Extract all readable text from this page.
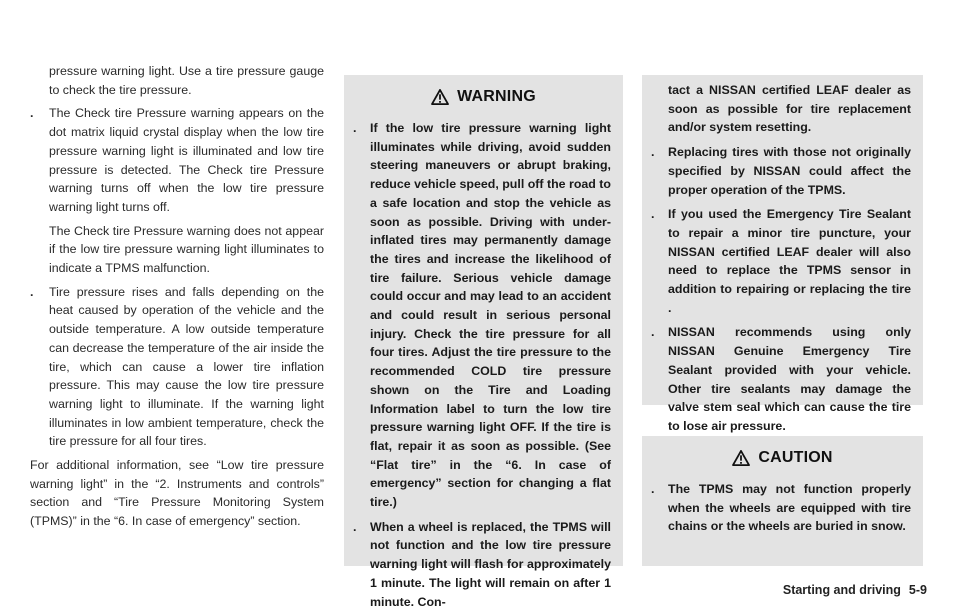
pressure warning light. Use a tire pressure gauge to check the tire pressure.
. The Check tire Pressure warning appears on the dot matrix liquid crystal display when the low tire pressure warning light is illuminated and low tire pressure is detected. The Check tire Pressure warning turns off when the low tire pressure warning light turns off.
The Check tire Pressure warning does not appear if the low tire pressure warning light illuminates to indicate a TPMS malfunction.
. Tire pressure rises and falls depending on the heat caused by operation of the vehicle and the outside temperature. A low outside temperature can decrease the temperature of the air inside the tire, which can cause a lower tire inflation pressure. This may cause the low tire pressure warning light to illuminate. If the warning light illuminates in low ambient temperature, check the tire pressure for all four tires.
For additional information, see “Low tire pressure warning light” in the “2. Instruments and controls” section and “Tire Pressure Monitoring System (TPMS)” in the “6. In case of emergency” section.
WARNING
. If the low tire pressure warning light illuminates while driving, avoid sudden steering maneuvers or abrupt braking, reduce vehicle speed, pull off the road to a safe location and stop the vehicle as soon as possible. Driving with under-inflated tires may permanently damage the tires and increase the likelihood of tire failure. Serious vehicle damage could occur and may lead to an accident and could result in serious personal injury. Check the tire pressure for all four tires. Adjust the tire pressure to the recommended COLD tire pressure shown on the Tire and Loading Information label to turn the low tire pressure warning light OFF. If the tire is flat, repair it as soon as possible. (See “Flat tire” in the “6. In case of emergency” section for changing a flat tire.)
. When a wheel is replaced, the TPMS will not function and the low tire pressure warning light will flash for approximately 1 minute. The light will remain on after 1 minute. Con-
tact a NISSAN certified LEAF dealer as soon as possible for tire replacement and/or system resetting.
. Replacing tires with those not originally specified by NISSAN could affect the proper operation of the TPMS.
. If you used the Emergency Tire Sealant to repair a minor tire puncture, your NISSAN certified LEAF dealer will also need to replace the TPMS sensor in addition to repairing or replacing the tire .
. NISSAN recommends using only NISSAN Genuine Emergency Tire Sealant provided with your vehicle. Other tire sealants may damage the valve stem seal which can cause the tire to lose air pressure.
CAUTION
. The TPMS may not function properly when the wheels are equipped with tire chains or the wheels are buried in snow.
Starting and driving 5-9
